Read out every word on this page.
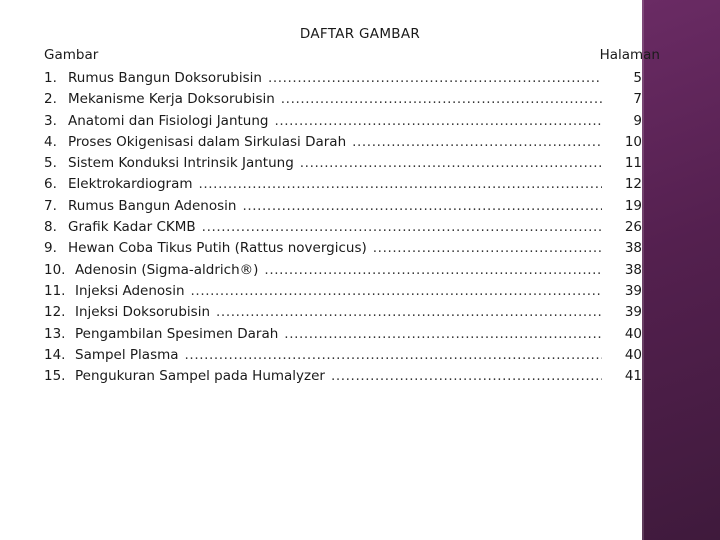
DAFTAR GAMBAR
Gambar	Halaman
1. Rumus Bangun Doksorubisin .....	5
2. Mekanisme Kerja Doksorubisin .....	7
3. Anatomi dan Fisiologi Jantung .....	9
4. Proses Okigenisasi dalam Sirkulasi Darah .....	10
5. Sistem Konduksi Intrinsik Jantung .....	11
6. Elektrokardiogram .....	12
7. Rumus Bangun Adenosin .....	19
8. Grafik Kadar CKMB .....	26
9. Hewan Coba Tikus Putih (Rattus novergicus) .....	38
10. Adenosin (Sigma-aldrich®) .....	38
11. Injeksi Adenosin .....	39
12. Injeksi Doksorubisin .....	39
13. Pengambilan Spesimen Darah .....	40
14. Sampel Plasma .....	40
15. Pengukuran Sampel pada Humalyzer .....	41
